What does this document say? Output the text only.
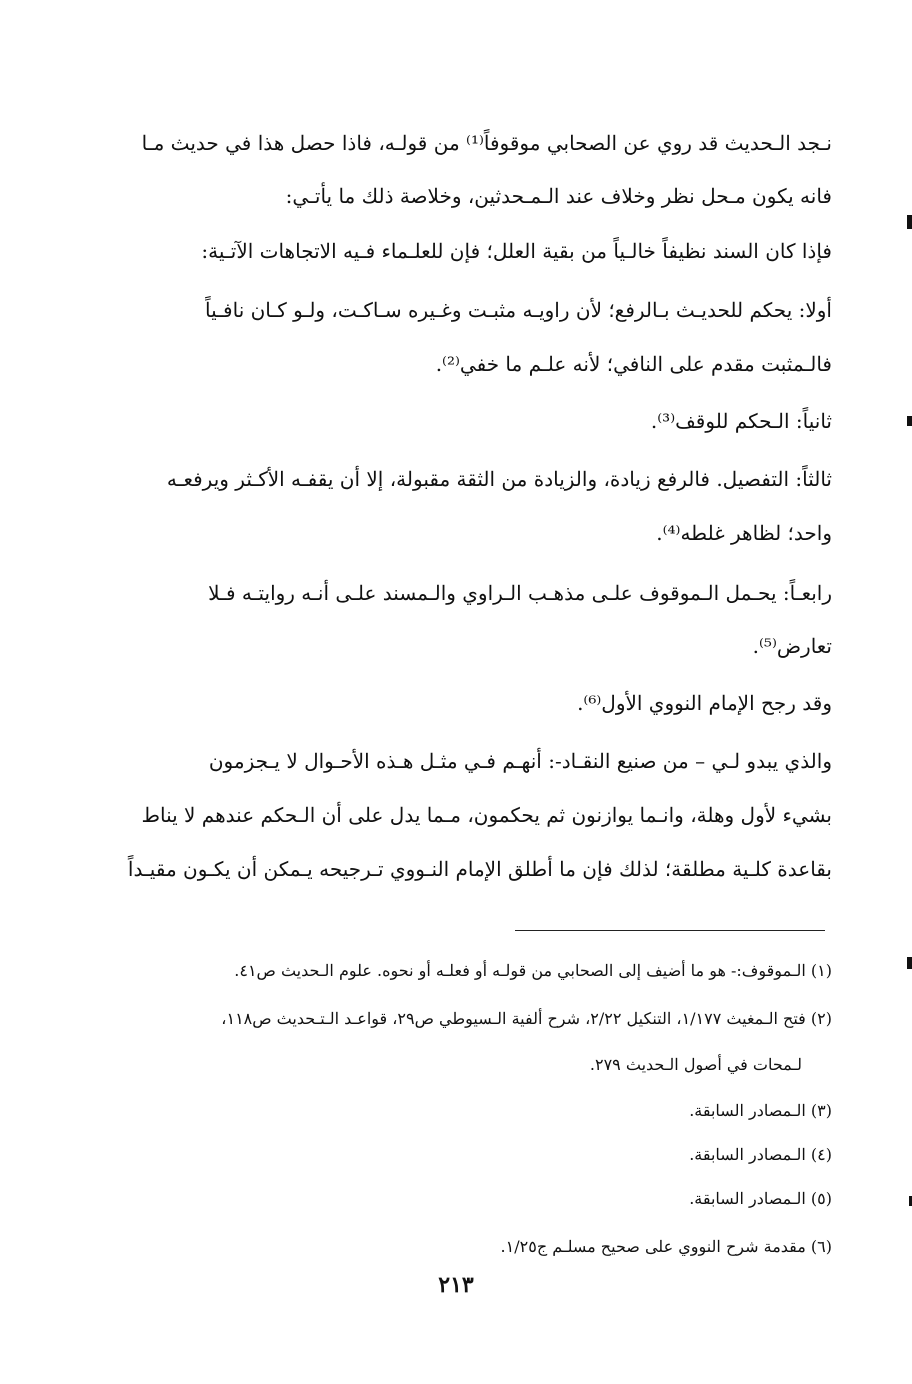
نـجد الـحديث قد روي عن الصحابي موقوفاً⁽¹⁾ من قولـه، فاذا حصل هذا في حديث مـا
فانه يكون مـحل نظر وخلاف عند الـمـحدثين، وخلاصة ذلك ما يأتـي:
فإذا كان السند نظيفاً خالـياً من بقية العلل؛ فإن للعلـماء فـيه الاتجاهات الآتـية:
أولا: يحكم للحديـث بـالرفع؛ لأن راويـه مثبـت وغـيره سـاكـت، ولـو كـان نافـياً
فالـمثبت مقدم على النافي؛ لأنه علـم ما خفي⁽²⁾.
ثانياً: الـحكم للوقف⁽³⁾.
ثالثاً: التفصيل. فالرفع زيادة، والزيادة من الثقة مقبولة، إلا أن يقفـه الأكـثر ويرفعـه
واحد؛ لظاهر غلطه⁽⁴⁾.
رابعـاً: يحـمل الـموقوف علـى مذهـب الـراوي والـمسند علـى أنـه روايتـه فـلا
تعارض⁽⁵⁾.
وقد رجح الإمام النووي الأول⁽⁶⁾.
والذي يبدو لـي – من صنيع النقـاد-: أنهـم فـي مثـل هـذه الأحـوال لا يـجزمون
بشيء لأول وهلة، وانـما يوازنون ثم يحكمون، مـما يدل على أن الـحكم عندهم لا يناط
بقاعدة كلـية مطلقة؛ لذلك فإن ما أطلق الإمام النـووي تـرجيحه يـمكن أن يكـون مقيـداً
(١) الـموقوف:- هو ما أضيف إلى الصحابي من قولـه أو فعلـه أو نحوه. علوم الـحديث ص٤١.
(٢) فتح الـمغيث ١/١٧٧، التنكيل ٢/٢٢، شرح ألفية الـسيوطي ص٢٩، قواعـد الـتـحديث ص١١٨،
لـمحات في أصول الـحديث ٢٧٩.
(٣) الـمصادر السابقة.
(٤) الـمصادر السابقة.
(٥) الـمصادر السابقة.
(٦) مقدمة شرح النووي على صحيح مسلـم ج١/٢٥.
٢١٣
